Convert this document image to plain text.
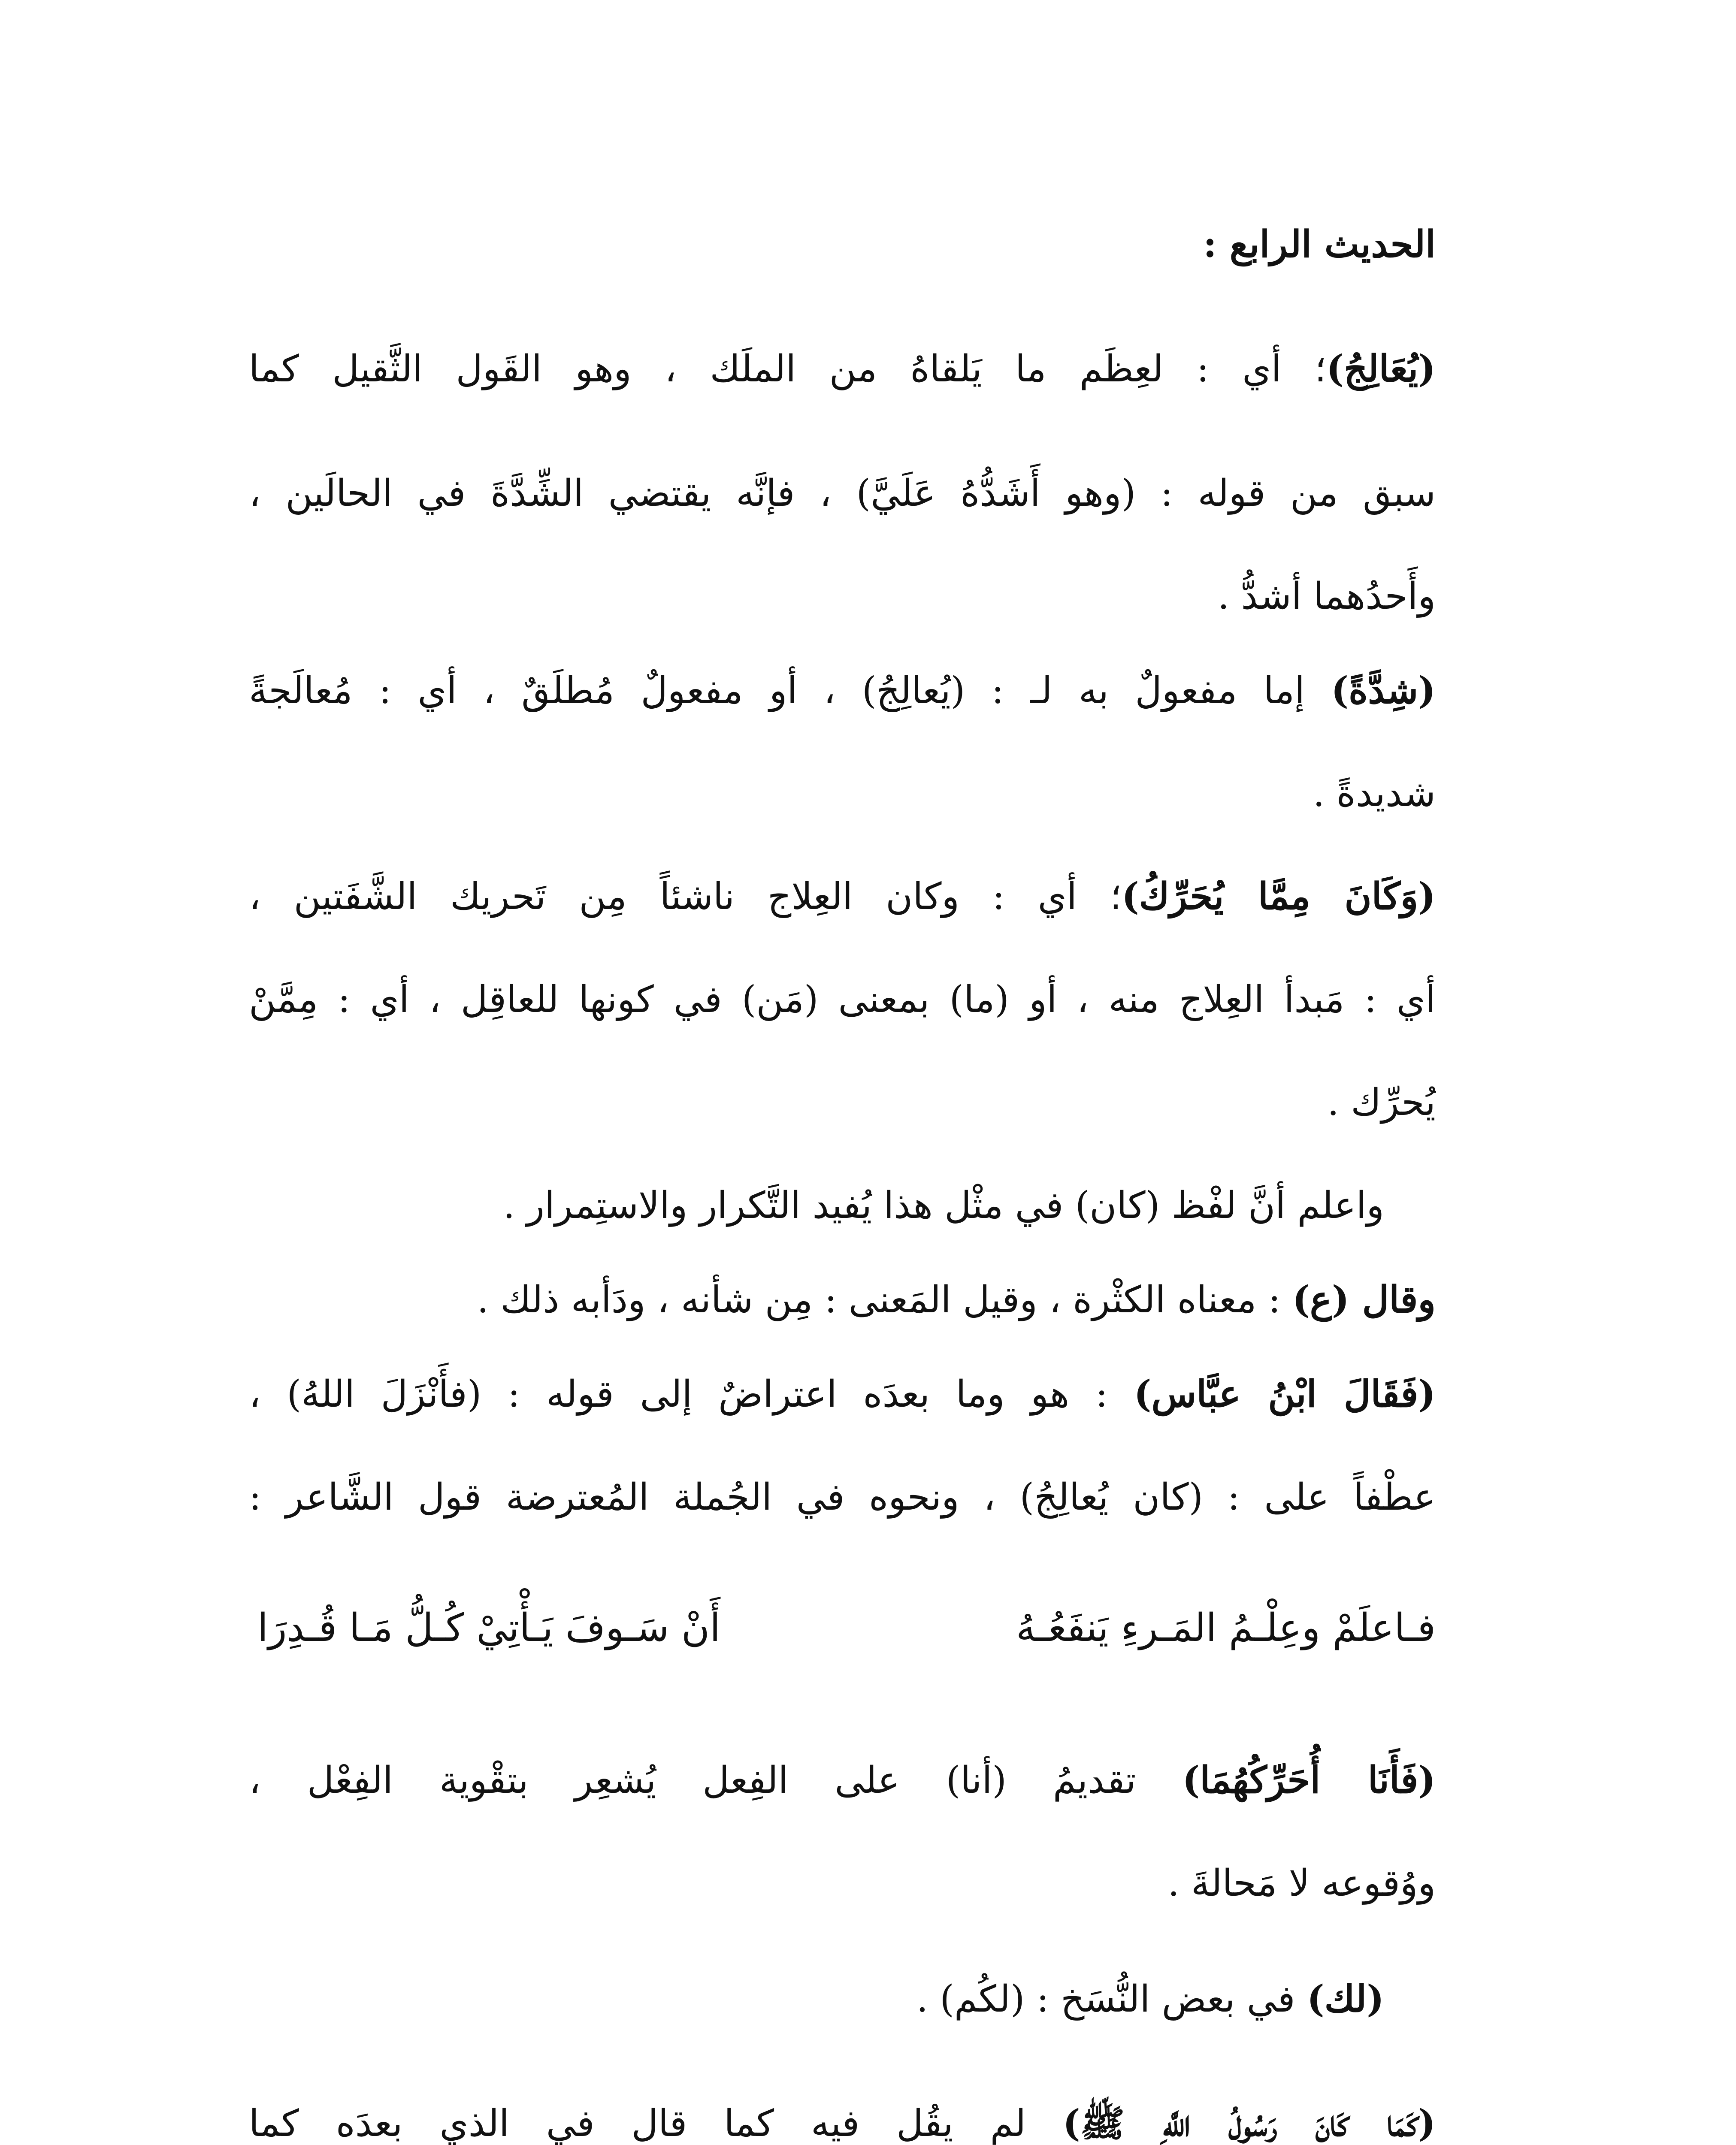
الحديث الرابع :
(يُعَالِجُ)؛ أي : لعِظَم ما يَلقاهُ من الملَك ، وهو القَول الثَّقيل كما
سبق من قوله : (وهو أَشَدُّهُ عَلَيَّ) ، فإنَّه يقتضي الشِّدَّةَ في الحالَين ،
وأَحدُهما أشدُّ .
(شِدَّةً) إما مفعولٌ به لـ : (يُعالِجُ) ، أو مفعولٌ مُطلَقٌ ، أي : مُعالَجةً
شديدةً .
(وَكَانَ مِمَّا يُحَرِّكُ)؛ أي : وكان العِلاج ناشئاً مِن تَحريك الشَّفَتين ،
أي : مَبدأ العِلاج منه ، أو (ما) بمعنى (مَن) في كونها للعاقِل ، أي : مِمَّنْ
يُحرِّك .
واعلم أنَّ لفْظ (كان) في مثْل هذا يُفيد التَّكرار والاستِمرار .
وقال (ع) : معناه الكثْرة ، وقيل المَعنى : مِن شأنه ، ودَأبه ذلك .
(فَقَالَ ابْنُ عبَّاس) : هو وما بعدَه اعتراضٌ إلى قوله : (فأَنْزَلَ اللهُ) ،
عطْفاً على : (كان يُعالِجُ) ، ونحوه في الجُملة المُعترضة قول الشَّاعر :
فـاعلَمْ وعِلْـمُ المَـرءِ يَنفَعُـهُ
أَنْ سَـوفَ يَـأْتِيْ كُـلُّ مَـا قُـدِرَا
(فَأَنَا أُحَرِّكُهُمَا) تقديمُ (أنا) على الفِعل يُشعِر بتقْوية الفِعْل ،
ووُقوعه لا مَحالةَ .
(لك) في بعض النُّسَخ : (لكُم) .
(كَمَا كَانَ رَسُولُ اللَّهِ ﷺ) لم يقُل فيه كما قال في الذي بعدَه كما
